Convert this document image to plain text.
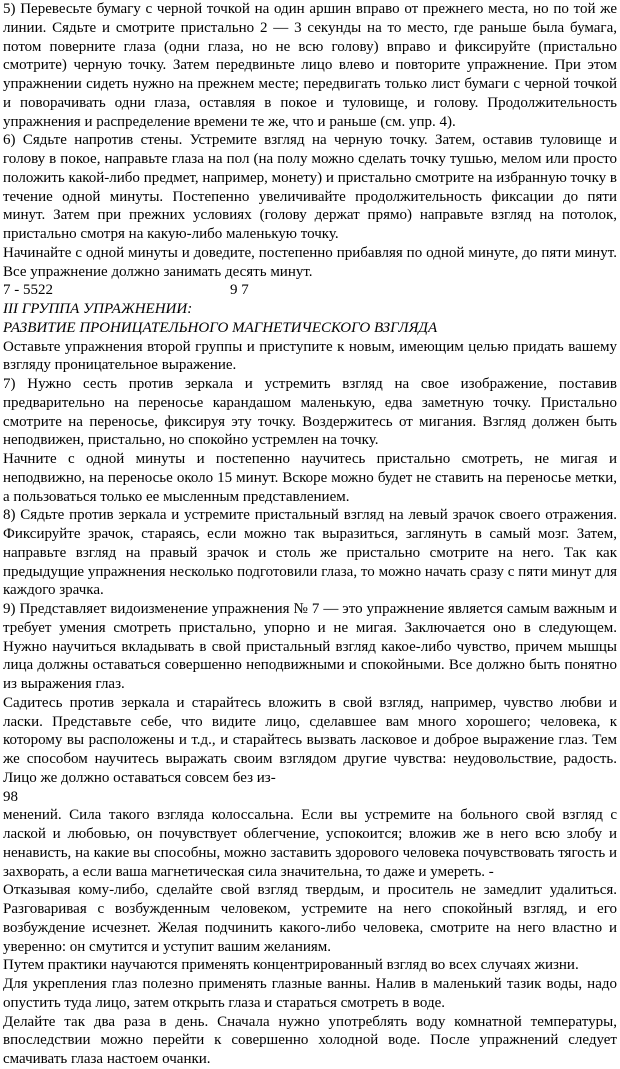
5) Перевесьте бумагу с черной точкой на один аршин вправо от прежнего места, но по той же линии. Сядьте и смотрите пристально 2 — 3 секунды на то место, где раньше была бумага, потом поверните глаза (одни глаза, но не всю голову) вправо и фиксируйте (пристально смотрите) черную точку. Затем передвиньте лицо влево и повторите упражнение. При этом упражнении сидеть нужно на прежнем месте; передвигать только лист бумаги с черной точкой и поворачивать одни глаза, оставляя в покое и туловище, и голову. Продолжительность упражнения и распределение времени те же, что и раньше (см. упр. 4).

6) Сядьте напротив стены. Устремите взгляд на черную точку. Затем, оставив туловище и голову в покое, направьте глаза на пол (на полу можно сделать точку тушью, мелом или просто положить какой-либо предмет, например, монету) и пристально смотрите на избранную точку в течение одной минуты. Постепенно увеличивайте продолжительность фиксации до пяти минут. Затем при прежних условиях (голову держат прямо) направьте взгляд на потолок, пристально смотря на какую-либо маленькую точку.

Начинайте с одной минуты и доведите, постепенно прибавляя по одной минуте, до пяти минут. Все упражнение должно занимать десять минут.

7 - 5522	9 7

III ГРУППА УПРАЖНЕНИИ:

РАЗВИТИЕ ПРОНИЦАТЕЛЬНОГО МАГНЕТИЧЕСКОГО ВЗГЛЯДА

Оставьте упражнения второй группы и приступите к новым, имеющим целью придать вашему взгляду проницательное выражение.

7) Нужно сесть против зеркала и устремить взгляд на свое изображение, поставив предварительно на переносье карандашом маленькую, едва заметную точку. Пристально смотрите на переносье, фиксируя эту точку. Воздержитесь от мигания. Взгляд должен быть неподвижен, пристально, но спокойно устремлен на точку.

Начните с одной минуты и постепенно научитесь пристально смотреть, не мигая и неподвижно, на переносье около 15 минут. Вскоре можно будет не ставить на переносье метки, а пользоваться только ее мысленным представлением.

8) Сядьте против зеркала и устремите пристальный взгляд на левый зрачок своего отражения. Фиксируйте зрачок, стараясь, если можно так выразиться, заглянуть в самый мозг. Затем, направьте взгляд на правый зрачок и столь же пристально смотрите на него. Так как предыдущие упражнения несколько подготовили глаза, то можно начать сразу с пяти минут для каждого зрачка.

9) Представляет видоизменение упражнения № 7 — это упражнение является самым важным и требует умения смотреть пристально, упорно и не мигая. Заключается оно в следующем. Нужно научиться вкладывать в свой пристальный взгляд какое-либо чувство, причем мышцы лица должны оставаться совершенно неподвижными и спокойными. Все должно быть понятно из выражения глаз.

Садитесь против зеркала и старайтесь вложить в свой взгляд, например, чувство любви и ласки. Представьте себе, что видите лицо, сделавшее вам много хорошего; человека, к которому вы расположены и т.д., и старайтесь вызвать ласковое и доброе выражение глаз. Тем же способом научитесь выражать своим взглядом другие чувства: неудовольствие, радость. Лицо же должно оставаться совсем без из-

98

менений. Сила такого взгляда колоссальна. Если вы устремите на больного свой взгляд с лаской и любовью, он почувствует облегчение, успокоится; вложив же в него всю злобу и ненависть, на какие вы способны, можно заставить здорового человека почувствовать тягость и захворать, а если ваша магнетическая сила значительна, то даже и умереть. -

Отказывая кому-либо, сделайте свой взгляд твердым, и проситель не замедлит удалиться. Разговаривая с возбужденным человеком, устремите на него спокойный взгляд, и его возбуждение исчезнет. Желая подчинить какого-либо человека, смотрите на него властно и уверенно: он смутится и уступит вашим желаниям.

Путем практики научаются применять концентрированный взгляд во всех случаях жизни.

Для укрепления глаз полезно применять глазные ванны. Налив в маленький тазик воды, надо опустить туда лицо, затем открыть глаза и стараться смотреть в воде.

Делайте так два раза в день. Сначала нужно употреблять воду комнатной температуры, впоследствии можно перейти к совершенно холодной воде. После упражнений следует смачивать глаза настоем очанки.
